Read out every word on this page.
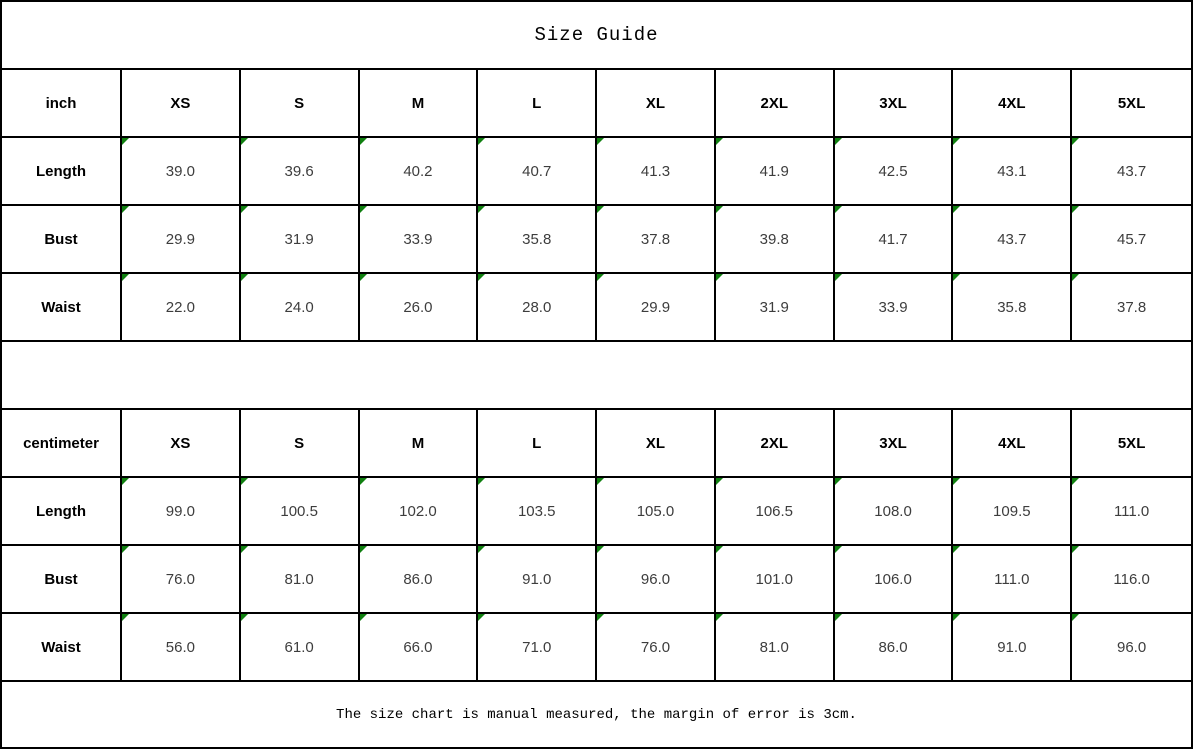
Size Guide
inch	XS	S	M	L	XL	2XL	3XL	4XL	5XL
Length	39.0	39.6	40.2	40.7	41.3	41.9	42.5	43.1	43.7
Bust	29.9	31.9	33.9	35.8	37.8	39.8	41.7	43.7	45.7
Waist	22.0	24.0	26.0	28.0	29.9	31.9	33.9	35.8	37.8
centimeter	XS	S	M	L	XL	2XL	3XL	4XL	5XL
Length	99.0	100.5	102.0	103.5	105.0	106.5	108.0	109.5	111.0
Bust	76.0	81.0	86.0	91.0	96.0	101.0	106.0	111.0	116.0
Waist	56.0	61.0	66.0	71.0	76.0	81.0	86.0	91.0	96.0
The size chart is manual measured, the margin of error is 3cm.
